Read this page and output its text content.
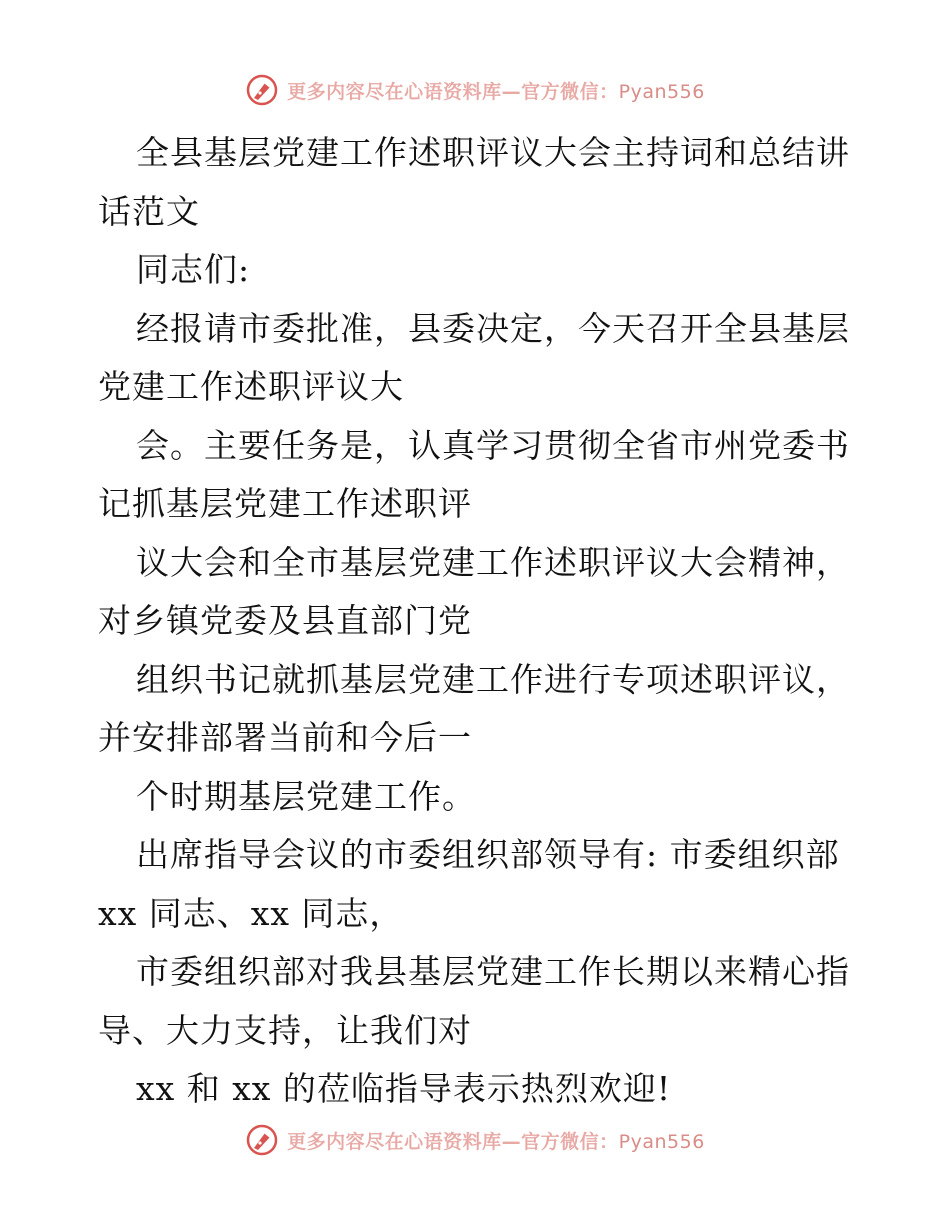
更多内容尽在心语资料库—官方微信：Pyan556
全县基层党建工作述职评议大会主持词和总结讲
话范文
同志们:
经报请市委批准，县委决定，今天召开全县基层
党建工作述职评议大
会。主要任务是，认真学习贯彻全省市州党委书
记抓基层党建工作述职评
议大会和全市基层党建工作述职评议大会精神，
对乡镇党委及县直部门党
组织书记就抓基层党建工作进行专项述职评议，
并安排部署当前和今后一
个时期基层党建工作。
出席指导会议的市委组织部领导有: 市委组织部
xx 同志、xx 同志，
市委组织部对我县基层党建工作长期以来精心指
导、大力支持，让我们对
xx 和 xx 的莅临指导表示热烈欢迎!
更多内容尽在心语资料库—官方微信：Pyan556
